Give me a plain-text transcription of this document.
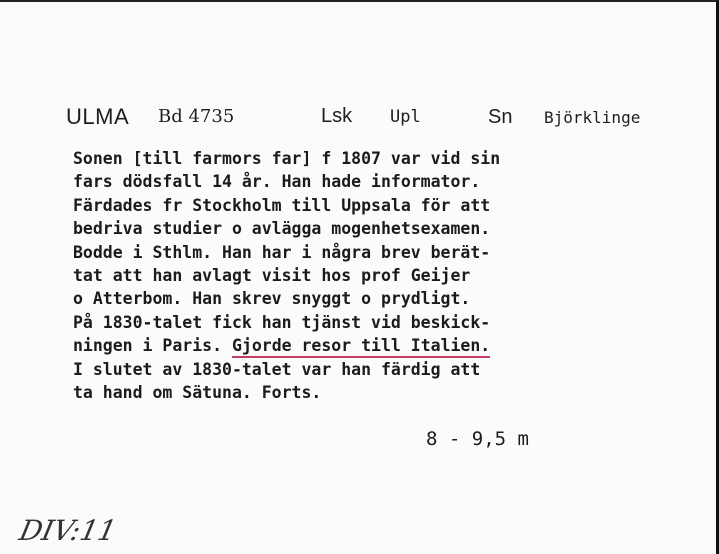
ULMA Bd 4735	Lsk Upl	Sn Björklinge
Sonen [till farmors far] f 1807 var vid sin
fars dödsfall 14 år. Han hade informator.
Färdades fr Stockholm till Uppsala för att
bedriva studier o avlägga mogenhetsexamen.
Bodde i Sthlm. Han har i några brev berät-
tat att han avlagt visit hos prof Geijer
o Atterbom. Han skrev snyggt o prydligt.
På 1830-talet fick han tjänst vid beskick-
ningen i Paris. Gjorde resor till Italien.
I slutet av 1830-talet var han färdig att
ta hand om Sätuna. Forts.
8 - 9,5 m
DIV:11
